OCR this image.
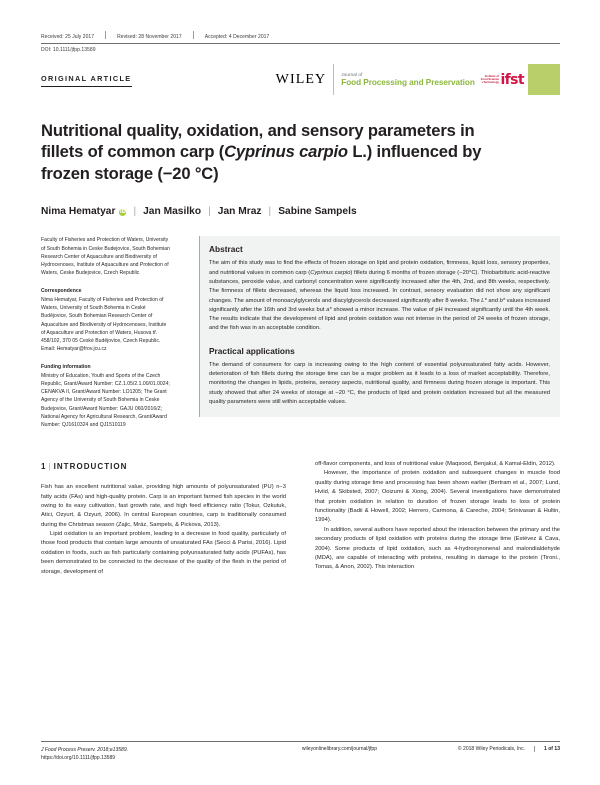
Received: 25 July 2017	Revised: 28 November 2017	Accepted: 4 December 2017
DOI: 10.1111/jfpp.13589
ORIGINAL ARTICLE	WILEY	Journal of
Food Processing and Preservation
Institute of
Food Science
+Technology ifst
Nutritional quality, oxidation, and sensory parameters in fillets of common carp (Cyprinus carpio L.) influenced by frozen storage (−20 °C)
Nima Hematyar iD | Jan Masilko | Jan Mraz | Sabine Sampels

Faculty of Fisheries and Protection of Waters, University of South Bohemia in Ceske Budejovice, South Bohemian Research Center of Aquaculture and Biodiversity of Hydrocenoses, Institute of Aquaculture and Protection of Waters, Ceske Budejovice, Czech Republic

Correspondence

Nima Hematyar, Faculty of Fisheries and Protection of Waters, University of South Bohemia in Ceské Budějovice, South Bohemian Research Center of Aquaculture and Biodiversity of Hydrocenoses, Institute of Aquaculture and Protection of Waters, Husova tř. 458/102, 370 05 Ceské Budějovice, Czech Republic.

Email: Hematyar@frov.jcu.cz

Funding information

Ministry of Education, Youth and Sports of the Czech Republic, Grant/Award Number: CZ.1.05/2.1.00/01.0024; CENAKVA II, Grant/Award Number: LO1205; The Grant Agency of the University of South Bohemia in Ceske Budejovice, Grant/Award Number: GAJU 060/2016/Z; National Agency for Agricultural Research, Grant/Award Number: QJ1610324 and QJ1510119

Abstract

The aim of this study was to find the effects of frozen storage on lipid and protein oxidation, firmness, liquid loss, sensory properties, and nutritional values in common carp (Cyprinus carpio) fillets during 6 months of frozen storage (−20°C). Thiobarbituric acid-reactive substances, peroxide value, and carbonyl concentration were significantly increased after the 4th, 2nd, and 8th weeks, respectively. The firmness of fillets decreased, whereas the liquid loss increased. In contrast, sensory evaluation did not show any significant changes. The amount of monoacylglycerols and diacylglycerols decreased significantly after 8 weeks. The L* and b* values increased significantly after the 16th and 3rd weeks but a* showed a minor increase. The value of pH increased significantly until the 4th week. The results indicate that the development of lipid and protein oxidation was not intense in the period of 24 weeks of frozen storage, and the fish was in an acceptable condition.

Practical applications

The demand of consumers for carp is increasing owing to the high content of essential polyunsaturated fatty acids. However, deterioration of fish fillets during the storage time can be a major problem as it leads to a loss of market acceptability. Therefore, monitoring the changes in lipids, proteins, sensory aspects, nutritional quality, and firmness during frozen storage is important. This study showed that after 24 weeks of storage at −20 °C, the products of lipid and protein oxidation increased but all the measured quality parameters were still within acceptable values.

1 | INTRODUCTION

Fish has an excellent nutritional value, providing high amounts of polyunsaturated (PU) n−3 fatty acids (FAs) and high-quality protein. Carp is an important farmed fish species in the world owing to its easy cultivation, fast growth rate, and high feed efficiency ratio (Tokur, Ozkutuk, Atici, Ozyurt, & Ozyurt, 2006). In central European countries, carp is traditionally consumed during the Christmas season (Zajic, Mráz, Sampels, & Pickova, 2013).

Lipid oxidation is an important problem, leading to a decrease in food quality, particularly of those food products that contain large amounts of unsaturated FAs (Secci & Parisi, 2016). Lipid oxidation in foods, such as fish particularly containing polyunsaturated fatty acids (PUFAs), has been demonstrated to be connected to the decrease of the quality of the flesh in the period of storage, development of

off-flavor components, and loss of nutritional value (Maqsood, Benjakul, & Kamal-Eldin, 2012).

However, the importance of protein oxidation and subsequent changes in muscle food quality during storage time and processing has been shown earlier (Bertram et al., 2007; Lund, Hviid, & Skibsted, 2007; Ooizumi & Xiong, 2004). Several investigations have demonstrated that protein oxidation in relation to duration of frozen storage leads to loss of protein functionality (Badii & Howell, 2002; Herrero, Carmona, & Careche, 2004; Srinivasan & Hultin, 1994).

In addition, several authors have reported about the interaction between the primary and the secondary products of lipid oxidation with proteins during the storage time (Estévez & Cava, 2004). Some products of lipid oxidation, such as 4-hydroxynonenal and malondialdehyde (MDA), are capable of interacting with proteins, resulting in damage to the protein (Tironi., Tomas, & Anon, 2002). This interaction

J Food Process Preserv. 2018;e13589.
https://doi.org/10.1111/jfpp.13589
wileyonlinelibrary.com/journal/jfpp	© 2018 Wiley Periodicals, Inc.	1 of 13
